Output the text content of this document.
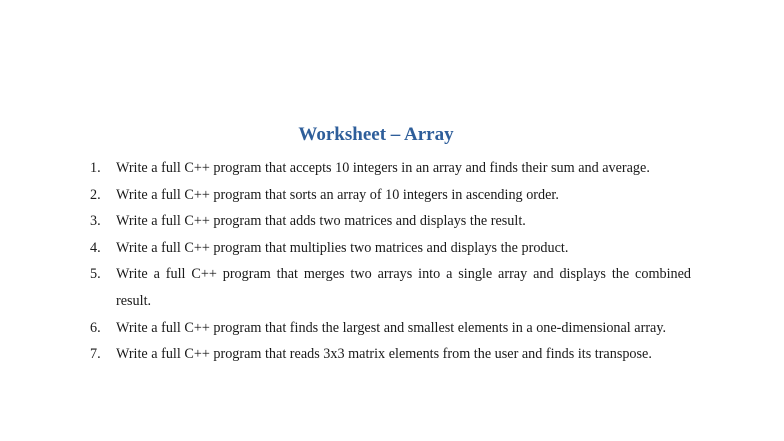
Worksheet – Array
1. Write a full C++ program that accepts 10 integers in an array and finds their sum and average.
2. Write a full C++ program that sorts an array of 10 integers in ascending order.
3. Write a full C++ program that adds two matrices and displays the result.
4. Write a full C++ program that multiplies two matrices and displays the product.
5. Write a full C++ program that merges two arrays into a single array and displays the combined result.
6. Write a full C++ program that finds the largest and smallest elements in a one-dimensional array.
7. Write a full C++ program that reads 3x3 matrix elements from the user and finds its transpose.
